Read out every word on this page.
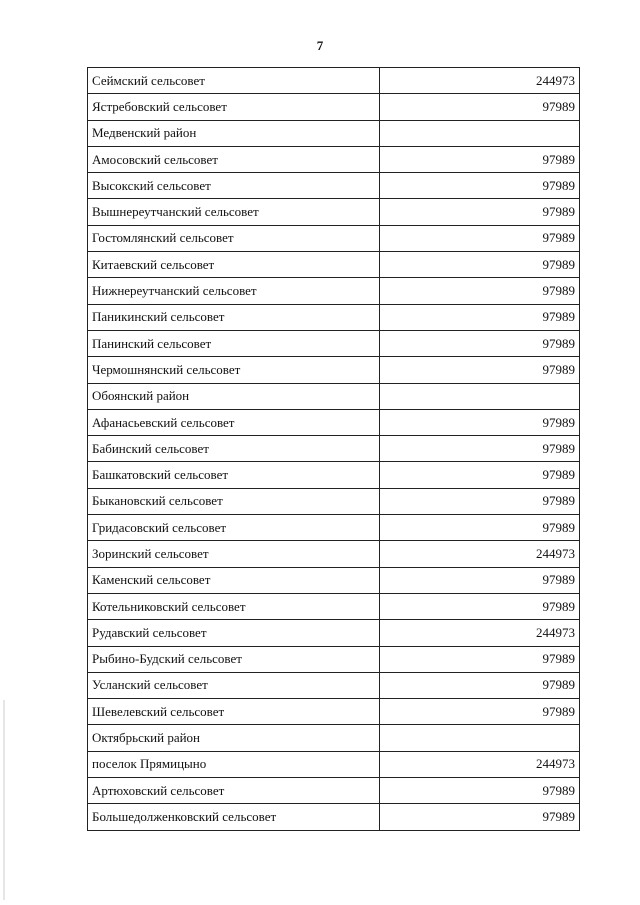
7
Сеймский сельсовет	244973
Ястребовский сельсовет	97989
Медвенский район	
Амосовский сельсовет	97989
Высокский сельсовет	97989
Вышнереутчанский сельсовет	97989
Гостомлянский сельсовет	97989
Китаевский сельсовет	97989
Нижнереутчанский сельсовет	97989
Паникинский сельсовет	97989
Панинский сельсовет	97989
Чермошнянский сельсовет	97989
Обоянский район	
Афанасьевский сельсовет	97989
Бабинский сельсовет	97989
Башкатовский сельсовет	97989
Быкановский сельсовет	97989
Гридасовский сельсовет	97989
Зоринский сельсовет	244973
Каменский сельсовет	97989
Котельниковский сельсовет	97989
Рудавский сельсовет	244973
Рыбино-Будский сельсовет	97989
Усланский сельсовет	97989
Шевелевский сельсовет	97989
Октябрьский район	
поселок Прямицыно	244973
Артюховский сельсовет	97989
Большедолженковский сельсовет	97989
